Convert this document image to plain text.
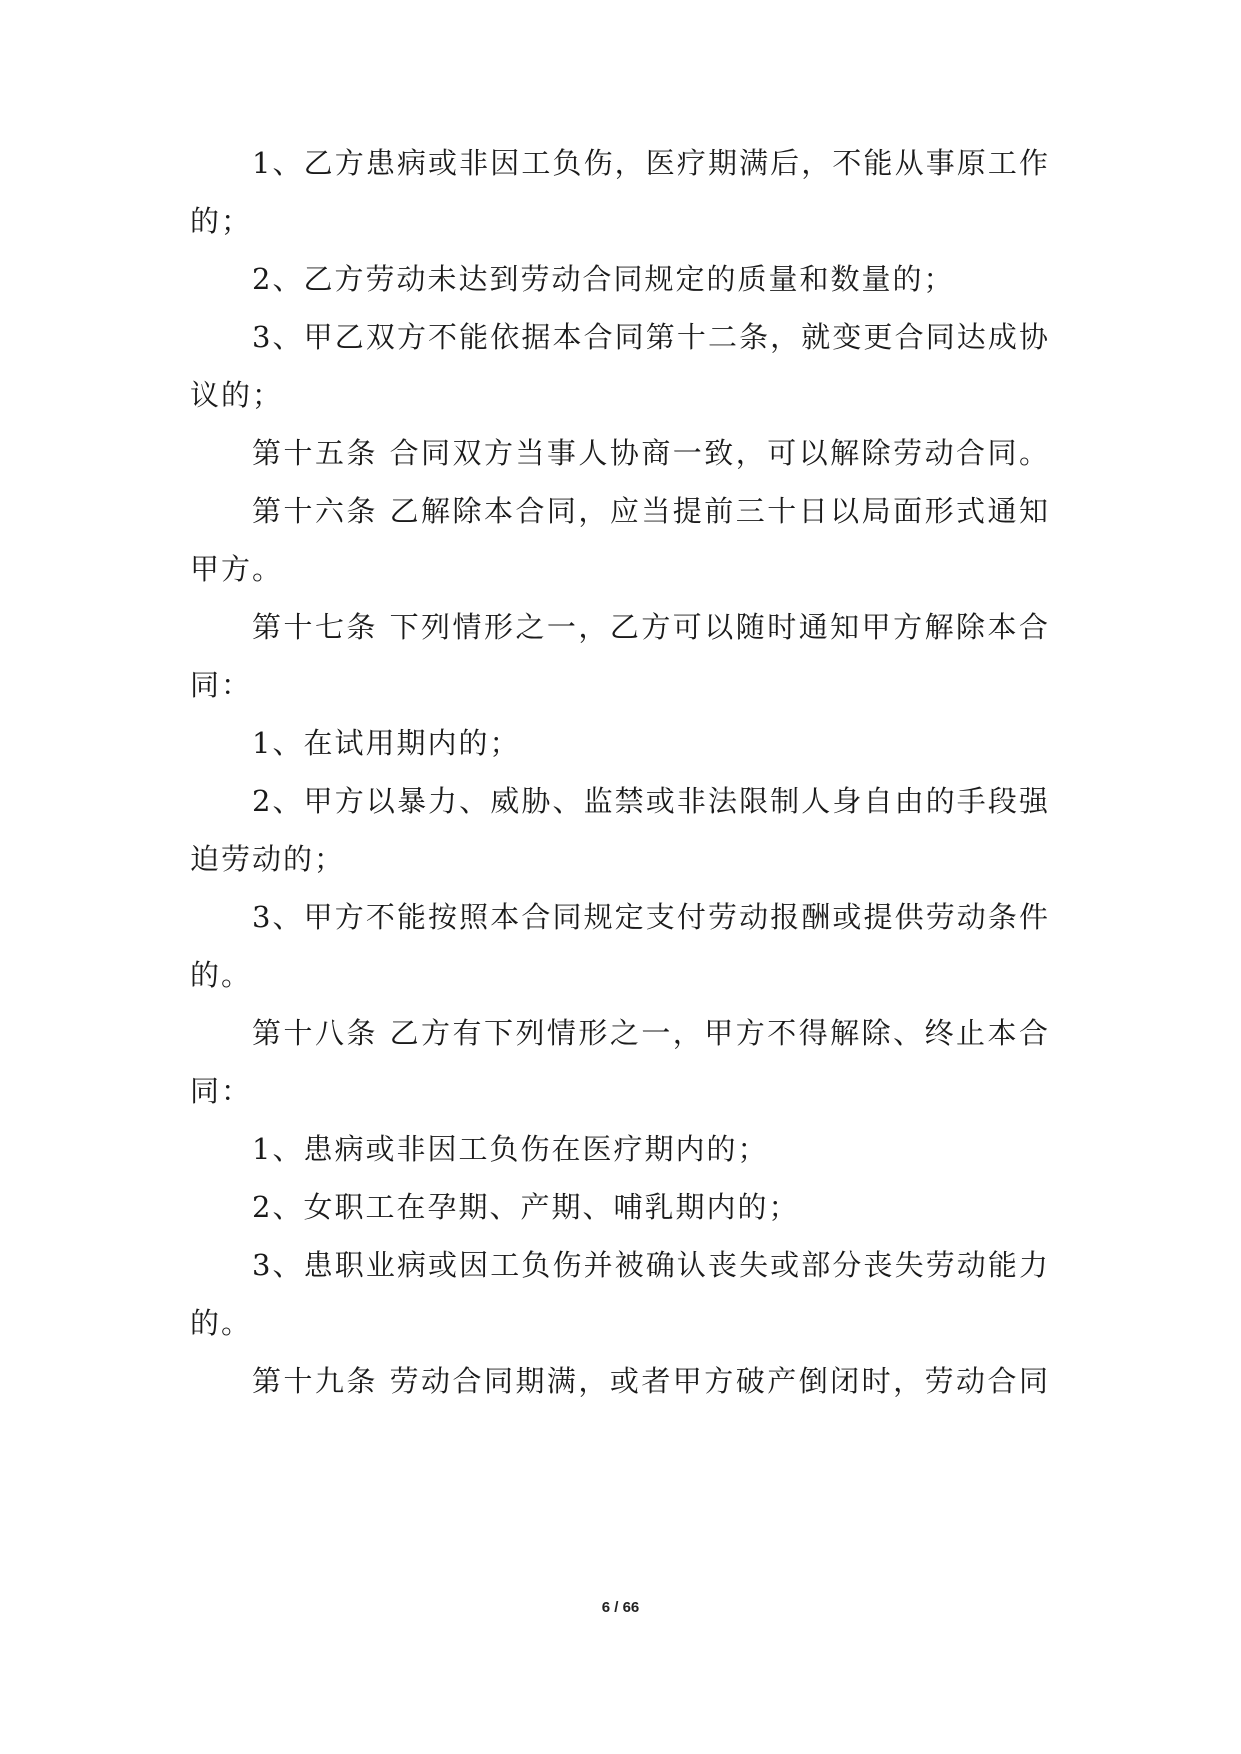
1、乙方患病或非因工负伤，医疗期满后，不能从事原工作
的；
2、乙方劳动未达到劳动合同规定的质量和数量的；
3、甲乙双方不能依据本合同第十二条，就变更合同达成协
议的；
第十五条 合同双方当事人协商一致，可以解除劳动合同。
第十六条 乙解除本合同，应当提前三十日以局面形式通知
甲方。
第十七条 下列情形之一，乙方可以随时通知甲方解除本合
同：
1、在试用期内的；
2、甲方以暴力、威胁、监禁或非法限制人身自由的手段强
迫劳动的；
3、甲方不能按照本合同规定支付劳动报酬或提供劳动条件
的。
第十八条 乙方有下列情形之一，甲方不得解除、终止本合
同：
1、患病或非因工负伤在医疗期内的；
2、女职工在孕期、产期、哺乳期内的；
3、患职业病或因工负伤并被确认丧失或部分丧失劳动能力
的。
第十九条 劳动合同期满，或者甲方破产倒闭时，劳动合同
6 / 66
